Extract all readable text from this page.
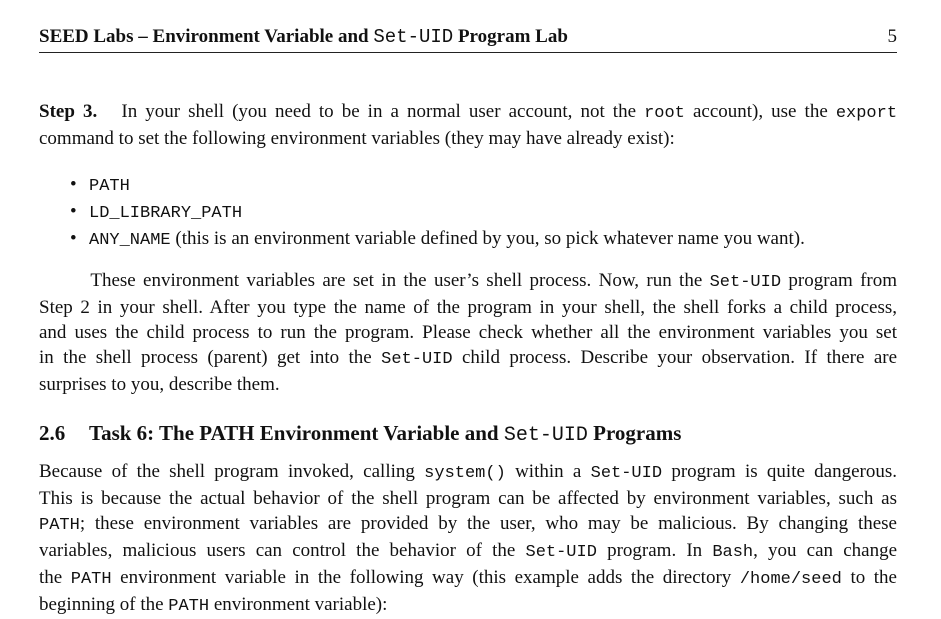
SEED Labs – Environment Variable and Set-UID Program Lab	5
Step 3. In your shell (you need to be in a normal user account, not the root account), use the export
command to set the following environment variables (they may have already exist):
• PATH
• LD_LIBRARY_PATH
• ANY_NAME (this is an environment variable defined by you, so pick whatever name you want).
These environment variables are set in the user’s shell process. Now, run the Set-UID program from
Step 2 in your shell. After you type the name of the program in your shell, the shell forks a child process,
and uses the child process to run the program. Please check whether all the environment variables you set
in the shell process (parent) get into the Set-UID child process. Describe your observation. If there are
surprises to you, describe them.
2.6 Task 6: The PATH Environment Variable and Set-UID Programs
Because of the shell program invoked, calling system() within a Set-UID program is quite dangerous.
This is because the actual behavior of the shell program can be affected by environment variables, such as
PATH; these environment variables are provided by the user, who may be malicious. By changing these
variables, malicious users can control the behavior of the Set-UID program. In Bash, you can change
the PATH environment variable in the following way (this example adds the directory /home/seed to the
beginning of the PATH environment variable):
